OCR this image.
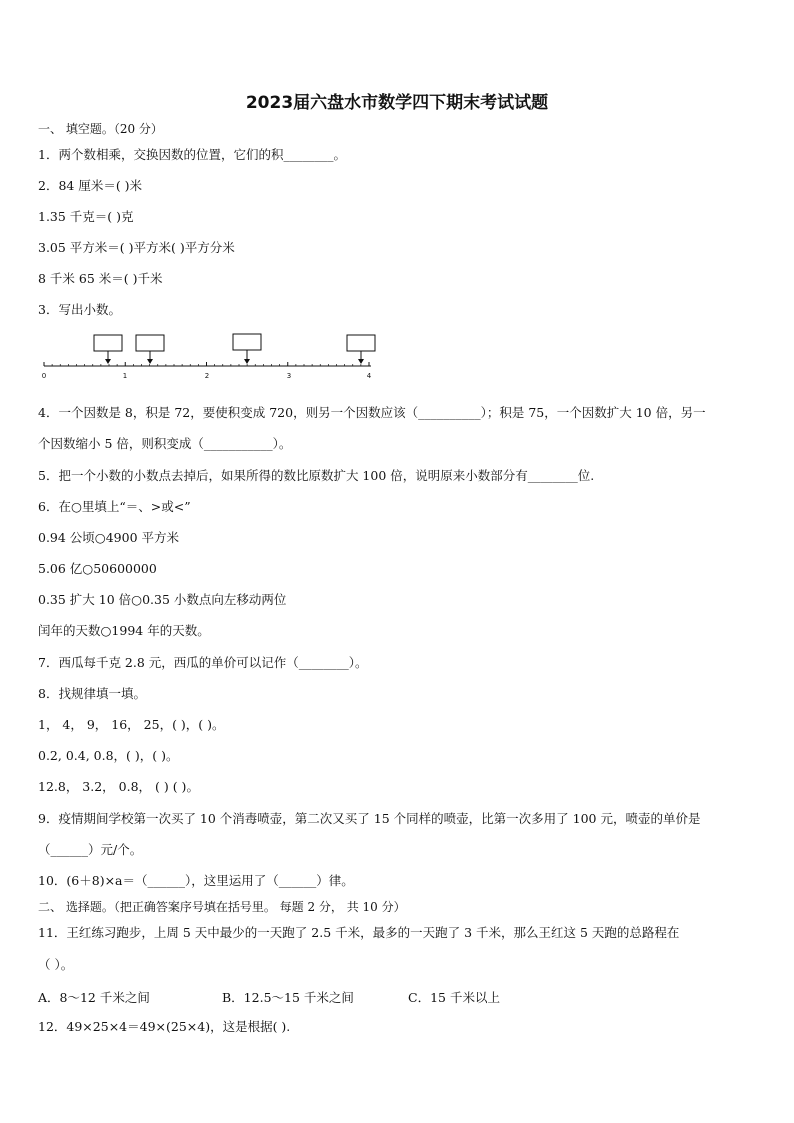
2023届六盘水市数学四下期末考试试题
一、 填空题。（20 分）
1．两个数相乘，交换因数的位置，它们的积________。
2．84 厘米＝( )米
1.35 千克＝( )克
3.05 平方米＝( )平方米( )平方分米
8 千米 65 米＝( )千米
3．写出小数。
0	1	2	3	4
4．一个因数是 8，积是 72，要使积变成 720，则另一个因数应该（__________）；积是 75，一个因数扩大 10 倍，另一
个因数缩小 5 倍，则积变成（___________）。
5．把一个小数的小数点去掉后，如果所得的数比原数扩大 100 倍，说明原来小数部分有________位.
6．在○里填上“＝、>或<”
0.94 公顷○4900 平方米
5.06 亿○50600000
0.35 扩大 10 倍○0.35 小数点向左移动两位
闰年的天数○1994 年的天数。
7．西瓜每千克 2.8 元，西瓜的单价可以记作（________）。
8．找规律填一填。
1， 4， 9， 16， 25，( )，( )。
0.2, 0.4, 0.8，( )，( )。
12.8， 3.2， 0.8， ( ) ( )。
9．疫情期间学校第一次买了 10 个消毒喷壶，第二次又买了 15 个同样的喷壶，比第一次多用了 100 元，喷壶的单价是
（______）元/个。
10．(6＋8)×a＝（______），这里运用了（______）律。
二、 选择题。（把正确答案序号填在括号里。 每题 2 分， 共 10 分）
11．王红练习跑步，上周 5 天中最少的一天跑了 2.5 千米，最多的一天跑了 3 千米，那么王红这 5 天跑的总路程在
（ ）。
A．8～12 千米之间	B．12.5～15 千米之间	C．15 千米以上
12．49×25×4＝49×(25×4)，这是根据( ).
